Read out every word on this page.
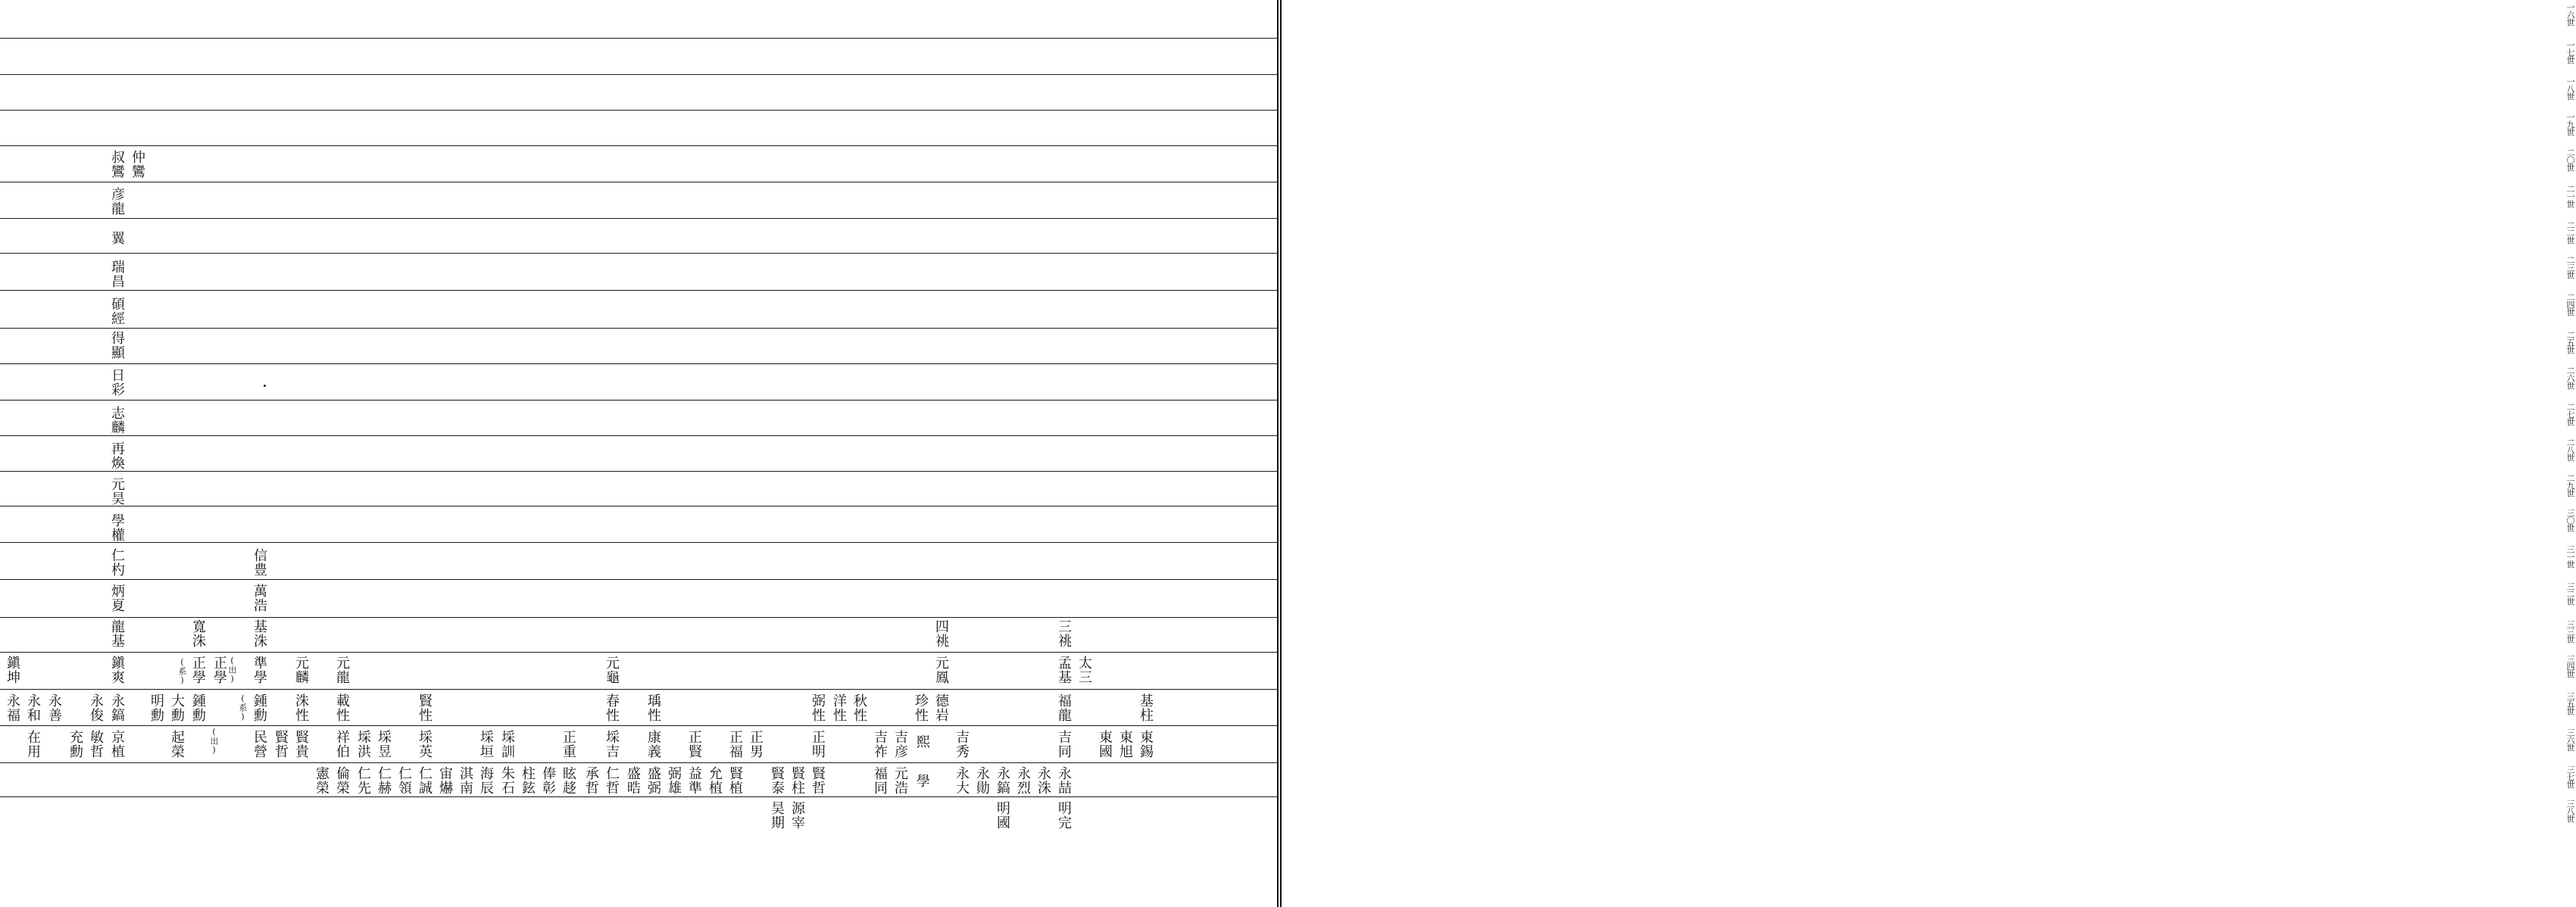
一六世
一七世
一八世
一九世
二〇世
二一世
二二世
二三世
二四世
二五世
二六世
二七世
二八世
二九世
三〇世
三一世
三二世
三三世
三四世
三五世
三六世
三七世
三八世
仲鸞
叔鸞
彦龍
翼
瑞昌
碩經
得顯
日彩
志麟
再煥
元昊
學權
仁杓
炳夏
龍基
鎭爽
永鎬
京植
信豊
萬浩
基洙
準學
鍾勳
民營 賢哲 賢貴
寬洙
正學
鍾勳
大勳
起榮
正學
明勳
鎭坤
永福 永和
在用
永善
充勳
永俊
敏哲
元麟
洙性
元龍
載性
祥伯 埰洪 埰昱
賢性
埰英
憲榮 倫榮 仁先 仁赫 仁領 仁誠 宙爀 淇南 海辰 朱石 柱鉉 俸彰 眩趍
埰垣 埰訓	正重
元龜
春性
埰吉
承哲 仁哲
瑀性
康義
盛晧 盛弼 弼雄
正賢
益準 允植
正福 正男
賢植 賢泰 賢柱 賢哲
昊期 源宰
弼性 洋性 秋性
正明
四祧
元鳳
珍性 德岩
吉祚 吉彦 熙
學
福同 元浩
吉秀
永大 永勛 永鎬 永烈 永洙
明國
三祧
孟基 太三
福龍
吉同
永喆
明完
東國 東旭 東錫
基柱
(出)
(系)
(出)
(系)
